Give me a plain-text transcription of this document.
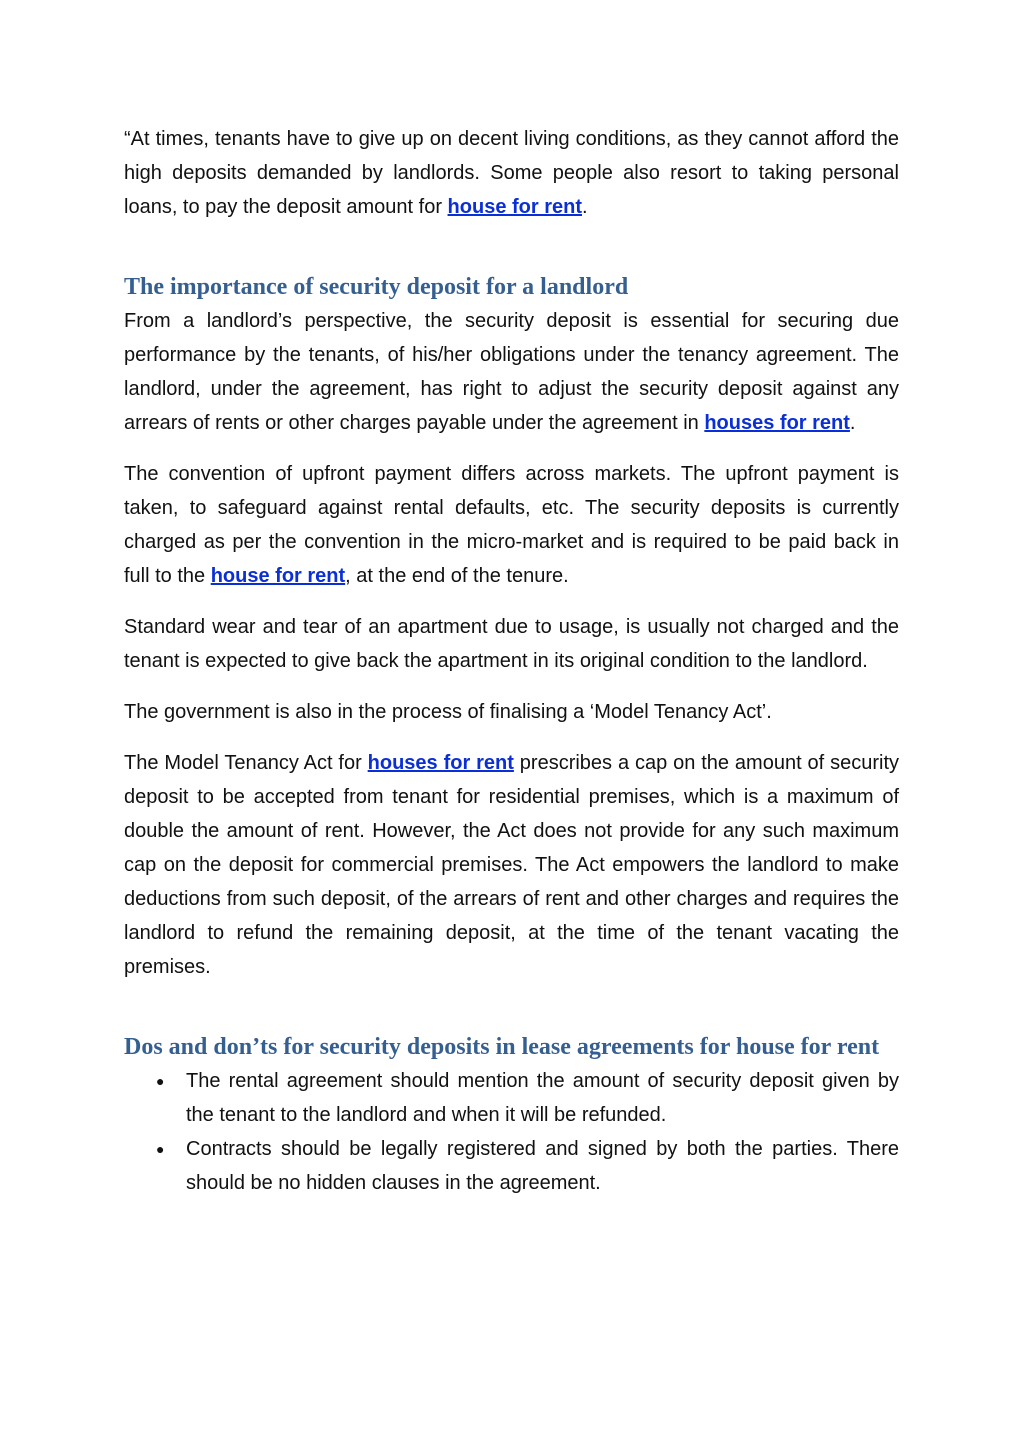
“At times, tenants have to give up on decent living conditions, as they cannot afford the high deposits demanded by landlords. Some people also resort to taking personal loans, to pay the deposit amount for house for rent.

The importance of security deposit for a landlord

From a landlord’s perspective, the security deposit is essential for securing due performance by the tenants, of his/her obligations under the tenancy agreement. The landlord, under the agreement, has right to adjust the security deposit against any arrears of rents or other charges payable under the agreement in houses for rent.

The convention of upfront payment differs across markets. The upfront payment is taken, to safeguard against rental defaults, etc. The security deposits is currently charged as per the convention in the micro-market and is required to be paid back in full to the house for rent, at the end of the tenure.

Standard wear and tear of an apartment due to usage, is usually not charged and the tenant is expected to give back the apartment in its original condition to the landlord.

The government is also in the process of finalising a ‘Model Tenancy Act’.

The Model Tenancy Act for houses for rent prescribes a cap on the amount of security deposit to be accepted from tenant for residential premises, which is a maximum of double the amount of rent. However, the Act does not provide for any such maximum cap on the deposit for commercial premises. The Act empowers the landlord to make deductions from such deposit, of the arrears of rent and other charges and requires the landlord to refund the remaining deposit, at the time of the tenant vacating the premises.

Dos and don’ts for security deposits in lease agreements for house for rent
● The rental agreement should mention the amount of security deposit given by the tenant to the landlord and when it will be refunded.
● Contracts should be legally registered and signed by both the parties. There should be no hidden clauses in the agreement.
